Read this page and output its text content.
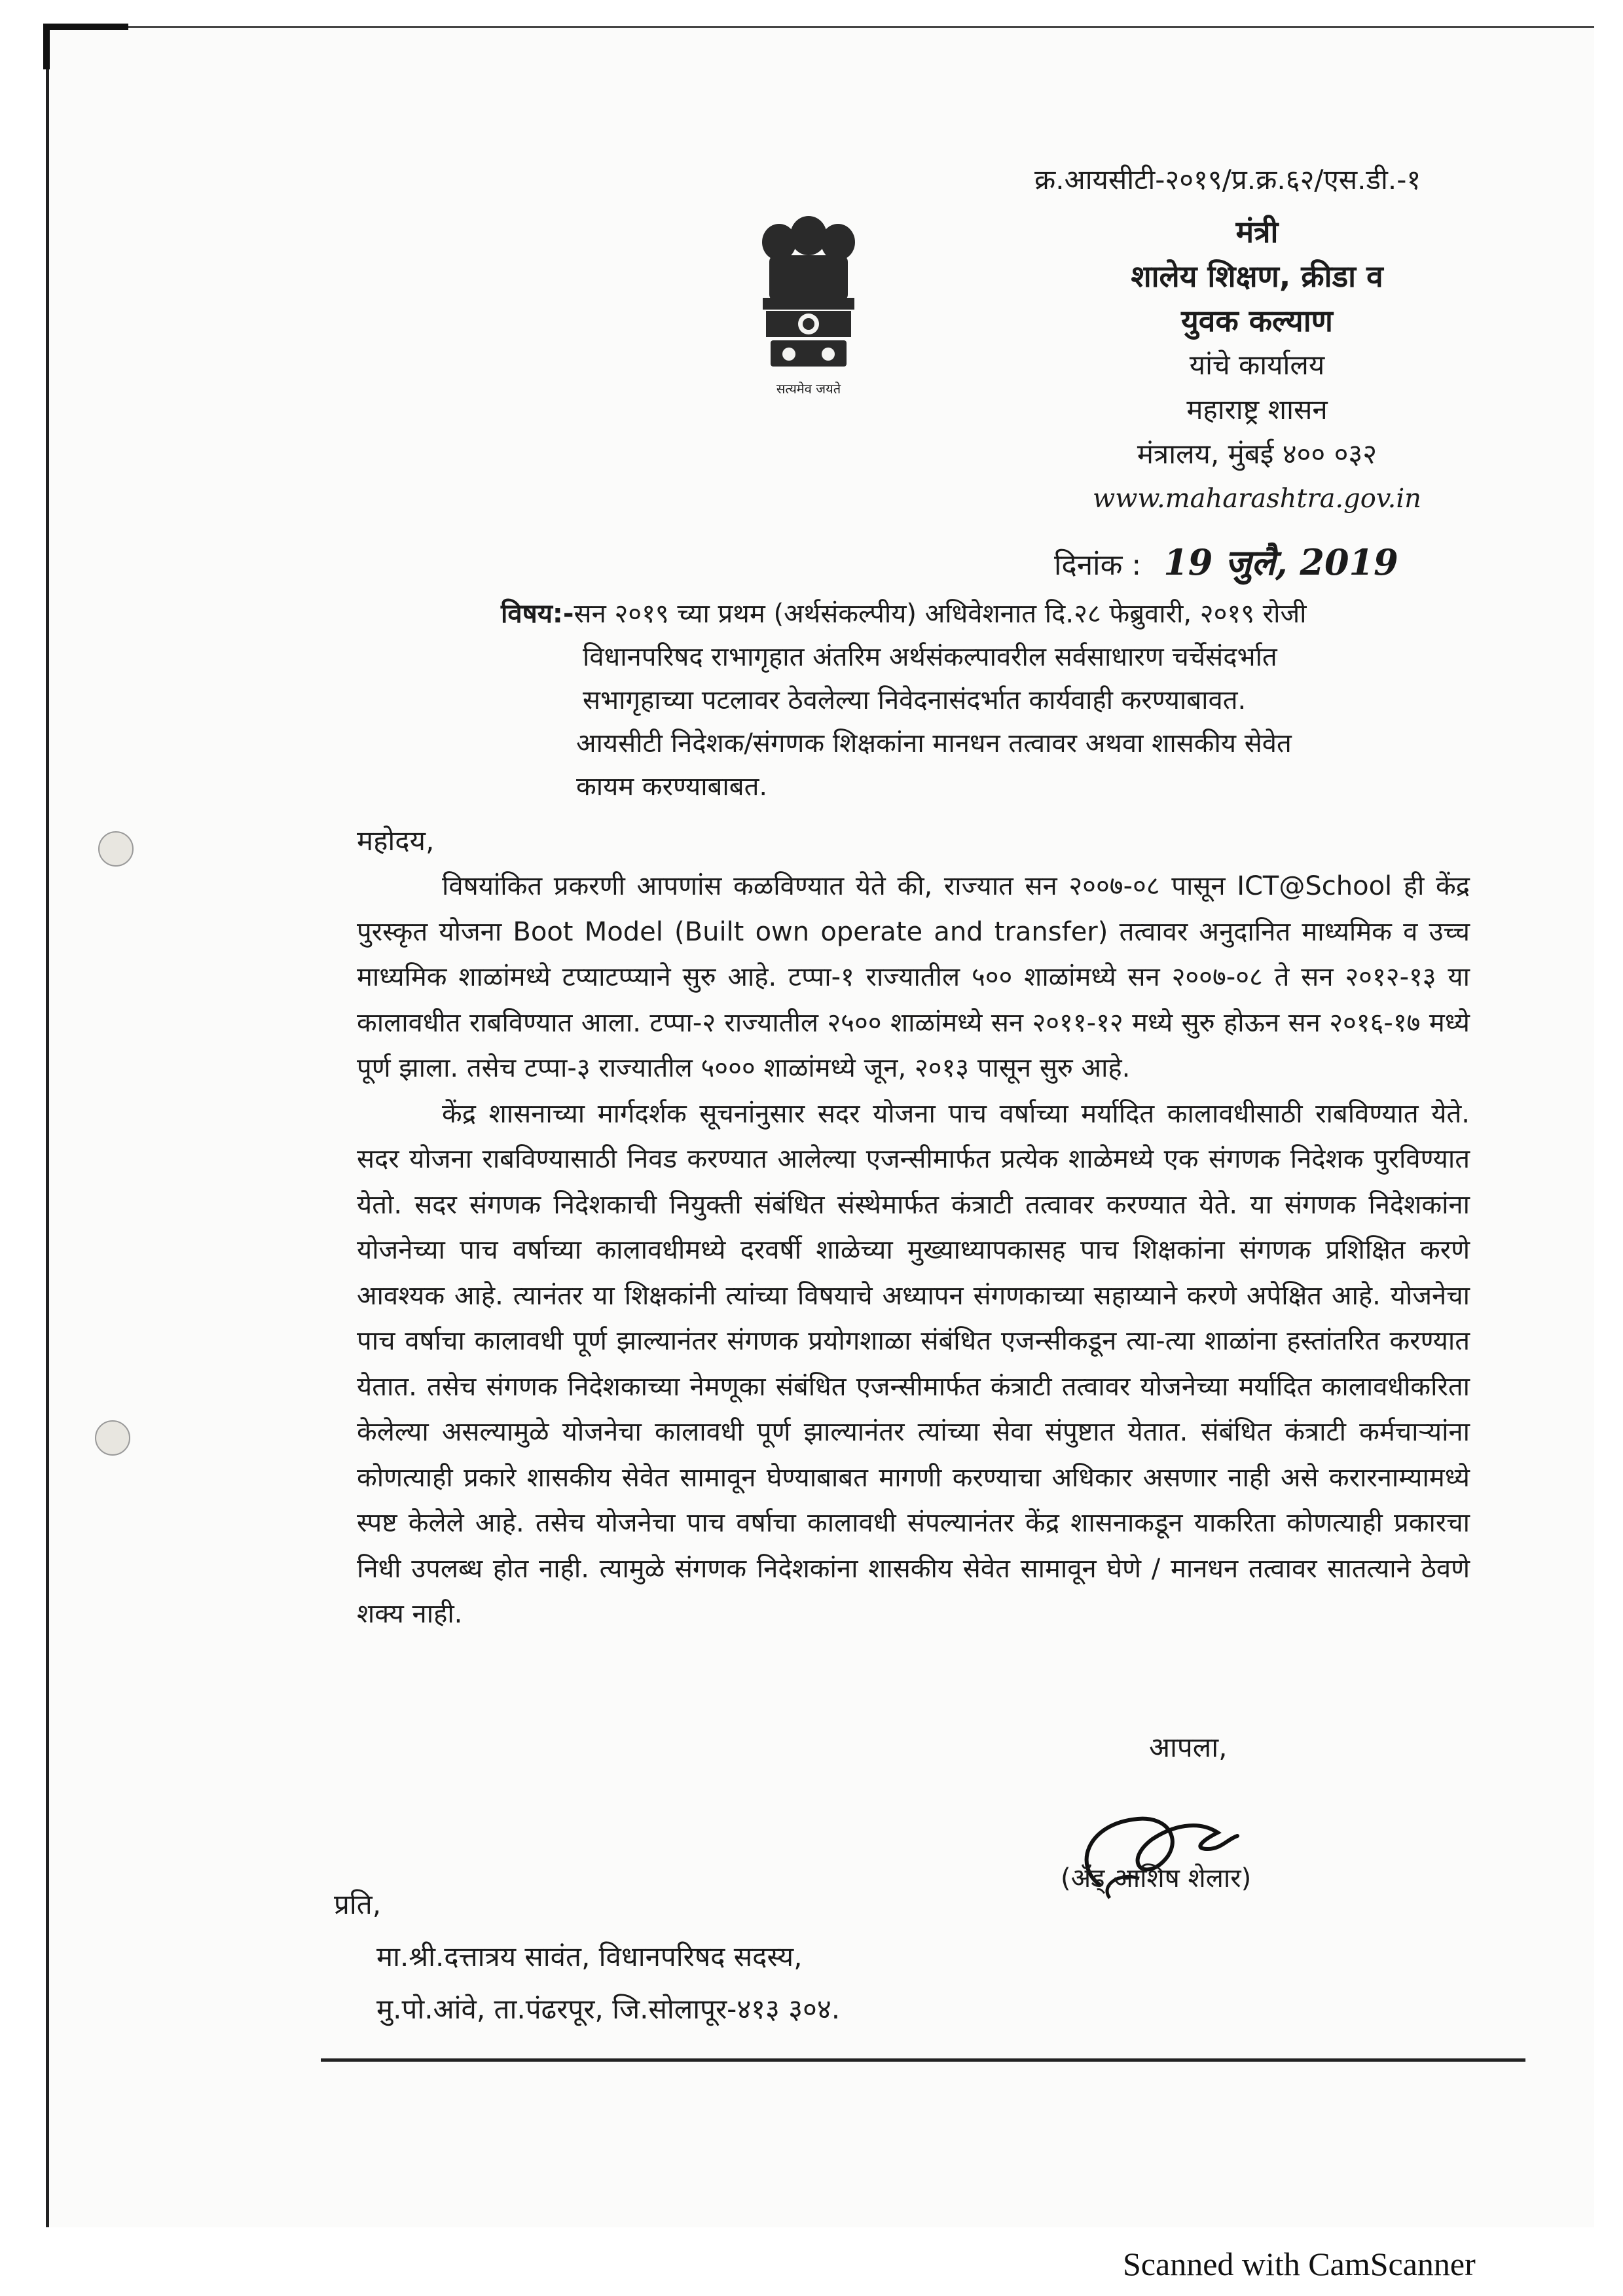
क्र.आयसीटी-२०१९/प्र.क्र.६२/एस.डी.-१
सत्यमेव जयते
मंत्री
शालेय शिक्षण, क्रीडा व
युवक कल्याण
यांचे कार्यालय
महाराष्ट्र शासन
मंत्रालय, मुंबई ४०० ०३२
www.maharashtra.gov.in
दिनांक : 19 जुलै, 2019
विषय:-सन २०१९ च्या प्रथम (अर्थसंकल्पीय) अधिवेशनात दि.२८ फेब्रुवारी, २०१९ रोजी
विधानपरिषद राभागृहात अंतरिम अर्थसंकल्पावरील सर्वसाधारण चर्चेसंदर्भात
सभागृहाच्या पटलावर ठेवलेल्या निवेदनासंदर्भात कार्यवाही करण्याबावत.
आयसीटी निदेशक/संगणक शिक्षकांना मानधन तत्वावर अथवा शासकीय सेवेत
कायम करण्याबाबत.
महोदय,

विषयांकित प्रकरणी आपणांस कळविण्यात येते की, राज्यात सन २००७-०८ पासून ICT@School ही केंद्र पुरस्कृत योजना Boot Model (Built own operate and transfer) तत्वावर अनुदानित माध्यमिक व उच्च माध्यमिक शाळांमध्ये टप्याटप्प्याने सुरु आहे. टप्पा-१ राज्यातील ५०० शाळांमध्ये सन २००७-०८ ते सन २०१२-१३ या कालावधीत राबविण्यात आला. टप्पा-२ राज्यातील २५०० शाळांमध्ये सन २०११-१२ मध्ये सुरु होऊन सन २०१६-१७ मध्ये पूर्ण झाला. तसेच टप्पा-३ राज्यातील ५००० शाळांमध्ये जून, २०१३ पासून सुरु आहे.

केंद्र शासनाच्या मार्गदर्शक सूचनांनुसार सदर योजना पाच वर्षाच्या मर्यादित कालावधीसाठी राबविण्यात येते. सदर योजना राबविण्यासाठी निवड करण्यात आलेल्या एजन्सीमार्फत प्रत्येक शाळेमध्ये एक संगणक निदेशक पुरविण्यात येतो. सदर संगणक निदेशकाची नियुक्ती संबंधित संस्थेमार्फत कंत्राटी तत्वावर करण्यात येते. या संगणक निदेशकांना योजनेच्या पाच वर्षाच्या कालावधीमध्ये दरवर्षी शाळेच्या मुख्याध्यापकासह पाच शिक्षकांना संगणक प्रशिक्षित करणे आवश्यक आहे. त्यानंतर या शिक्षकांनी त्यांच्या विषयाचे अध्यापन संगणकाच्या सहाय्याने करणे अपेक्षित आहे. योजनेचा पाच वर्षाचा कालावधी पूर्ण झाल्यानंतर संगणक प्रयोगशाळा संबंधित एजन्सीकडून त्या-त्या शाळांना हस्तांतरित करण्यात येतात. तसेच संगणक निदेशकाच्या नेमणूका संबंधित एजन्सीमार्फत कंत्राटी तत्वावर योजनेच्या मर्यादित कालावधीकरिता केलेल्या असल्यामुळे योजनेचा कालावधी पूर्ण झाल्यानंतर त्यांच्या सेवा संपुष्टात येतात. संबंधित कंत्राटी कर्मचाऱ्यांना कोणत्याही प्रकारे शासकीय सेवेत सामावून घेण्याबाबत मागणी करण्याचा अधिकार असणार नाही असे करारनाम्यामध्ये स्पष्ट केलेले आहे. तसेच योजनेचा पाच वर्षाचा कालावधी संपल्यानंतर केंद्र शासनाकडून याकरिता कोणत्याही प्रकारचा निधी उपलब्ध होत नाही. त्यामुळे संगणक निदेशकांना शासकीय सेवेत सामावून घेणे / मानधन तत्वावर सातत्याने ठेवणे शक्य नाही.

आपला,
(ॲड्.आशिष शेलार)
प्रति,
मा.श्री.दत्तात्रय सावंत, विधानपरिषद सदस्य,
मु.पो.आंवे, ता.पंढरपूर, जि.सोलापूर-४१३ ३०४.
Scanned with CamScanner
